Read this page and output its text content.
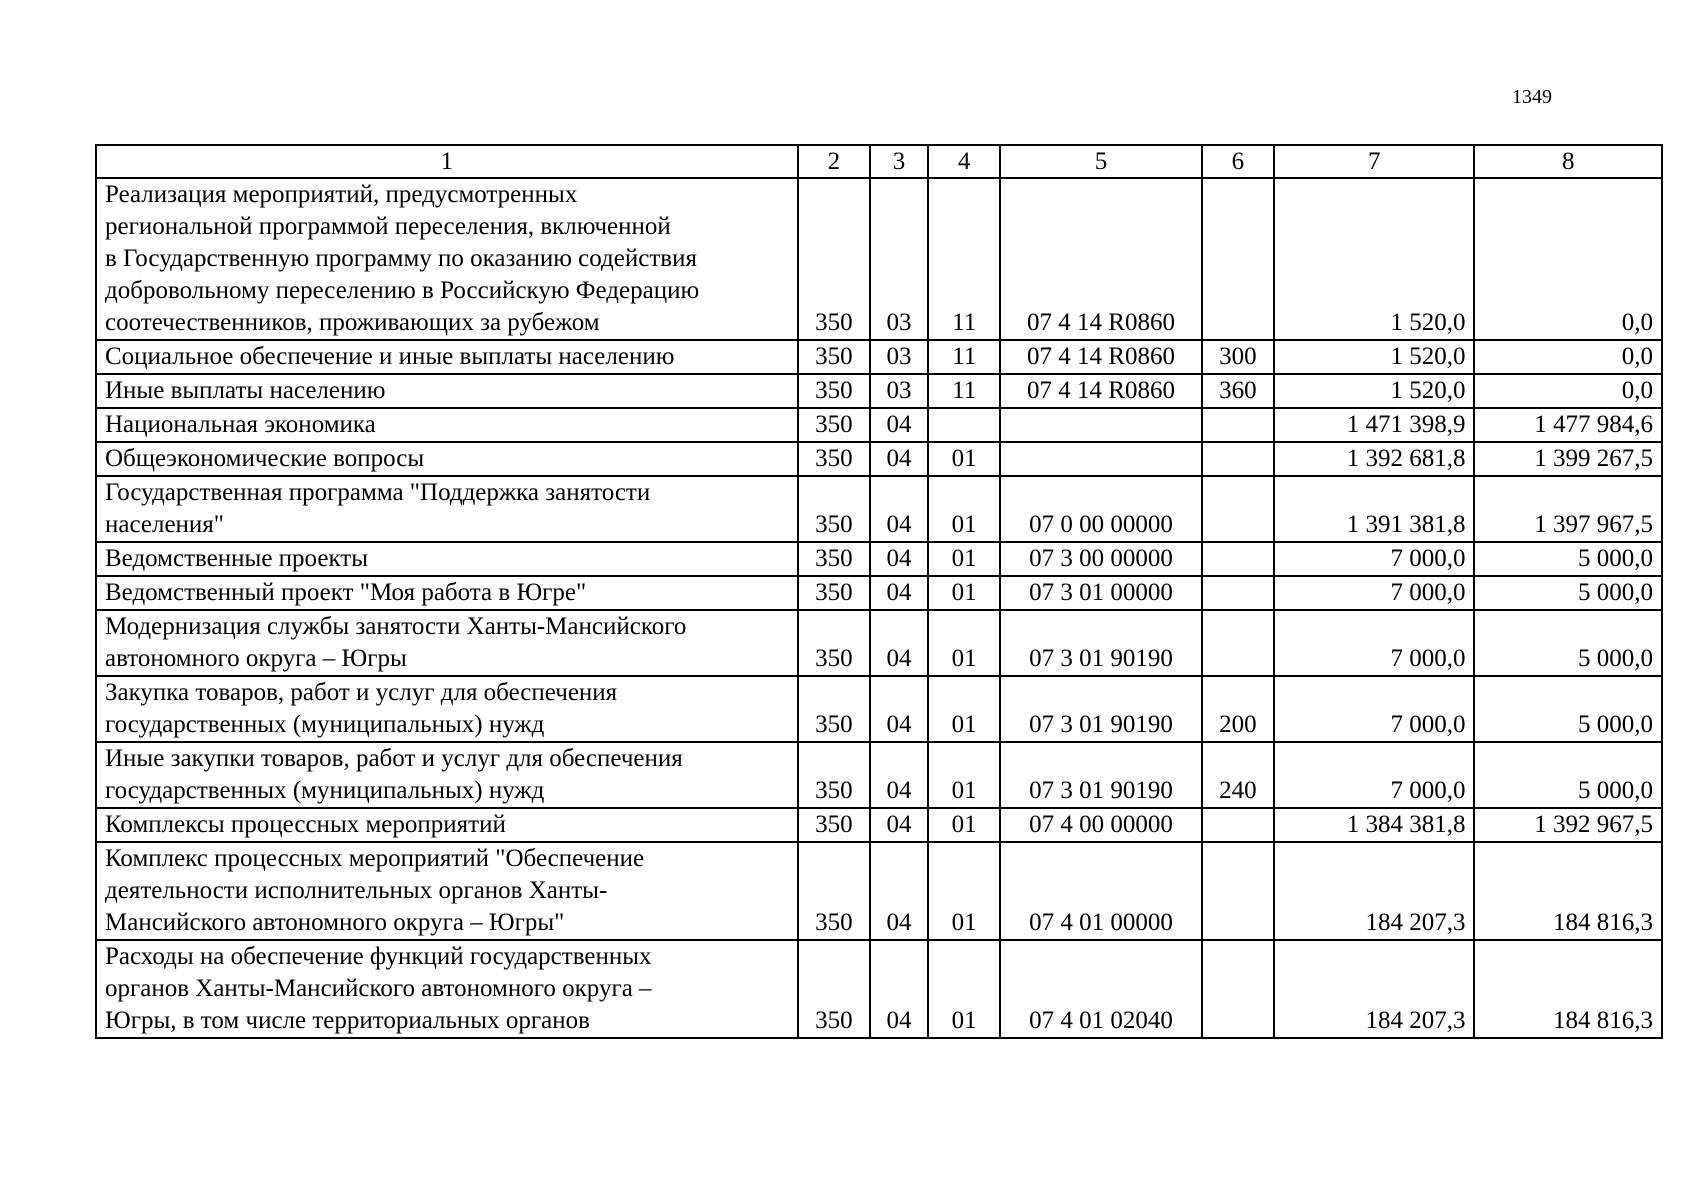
1349
1	2	3	4	5	6	7	8

Реализация мероприятий, предусмотренных
региональной программой переселения, включенной
в Государственную программу по оказанию содействия
добровольному переселению в Российскую Федерацию
соотечественников, проживающих за рубежом	350	03	11	07 4 14 R0860		1 520,0	0,0

Социальное обеспечение и иные выплаты населению	350	03	11	07 4 14 R0860	300	1 520,0	0,0

Иные выплаты населению	350	03	11	07 4 14 R0860	360	1 520,0	0,0

Национальная экономика	350	04				1 471 398,9	1 477 984,6

Общеэкономические вопросы	350	04	01			1 392 681,8	1 399 267,5

Государственная программа "Поддержка занятости
населения"	350	04	01	07 0 00 00000		1 391 381,8	1 397 967,5

Ведомственные проекты	350	04	01	07 3 00 00000		7 000,0	5 000,0

Ведомственный проект "Моя работа в Югре"	350	04	01	07 3 01 00000		7 000,0	5 000,0

Модернизация службы занятости Ханты-Мансийского
автономного округа – Югры	350	04	01	07 3 01 90190		7 000,0	5 000,0

Закупка товаров, работ и услуг для обеспечения
государственных (муниципальных) нужд	350	04	01	07 3 01 90190	200	7 000,0	5 000,0

Иные закупки товаров, работ и услуг для обеспечения
государственных (муниципальных) нужд	350	04	01	07 3 01 90190	240	7 000,0	5 000,0

Комплексы процессных мероприятий	350	04	01	07 4 00 00000		1 384 381,8	1 392 967,5

Комплекс процессных мероприятий "Обеспечение
деятельности исполнительных органов Ханты-
Мансийского автономного округа – Югры"	350	04	01	07 4 01 00000		184 207,3	184 816,3

Расходы на обеспечение функций государственных
органов Ханты-Мансийского автономного округа –
Югры, в том числе территориальных органов	350	04	01	07 4 01 02040		184 207,3	184 816,3
